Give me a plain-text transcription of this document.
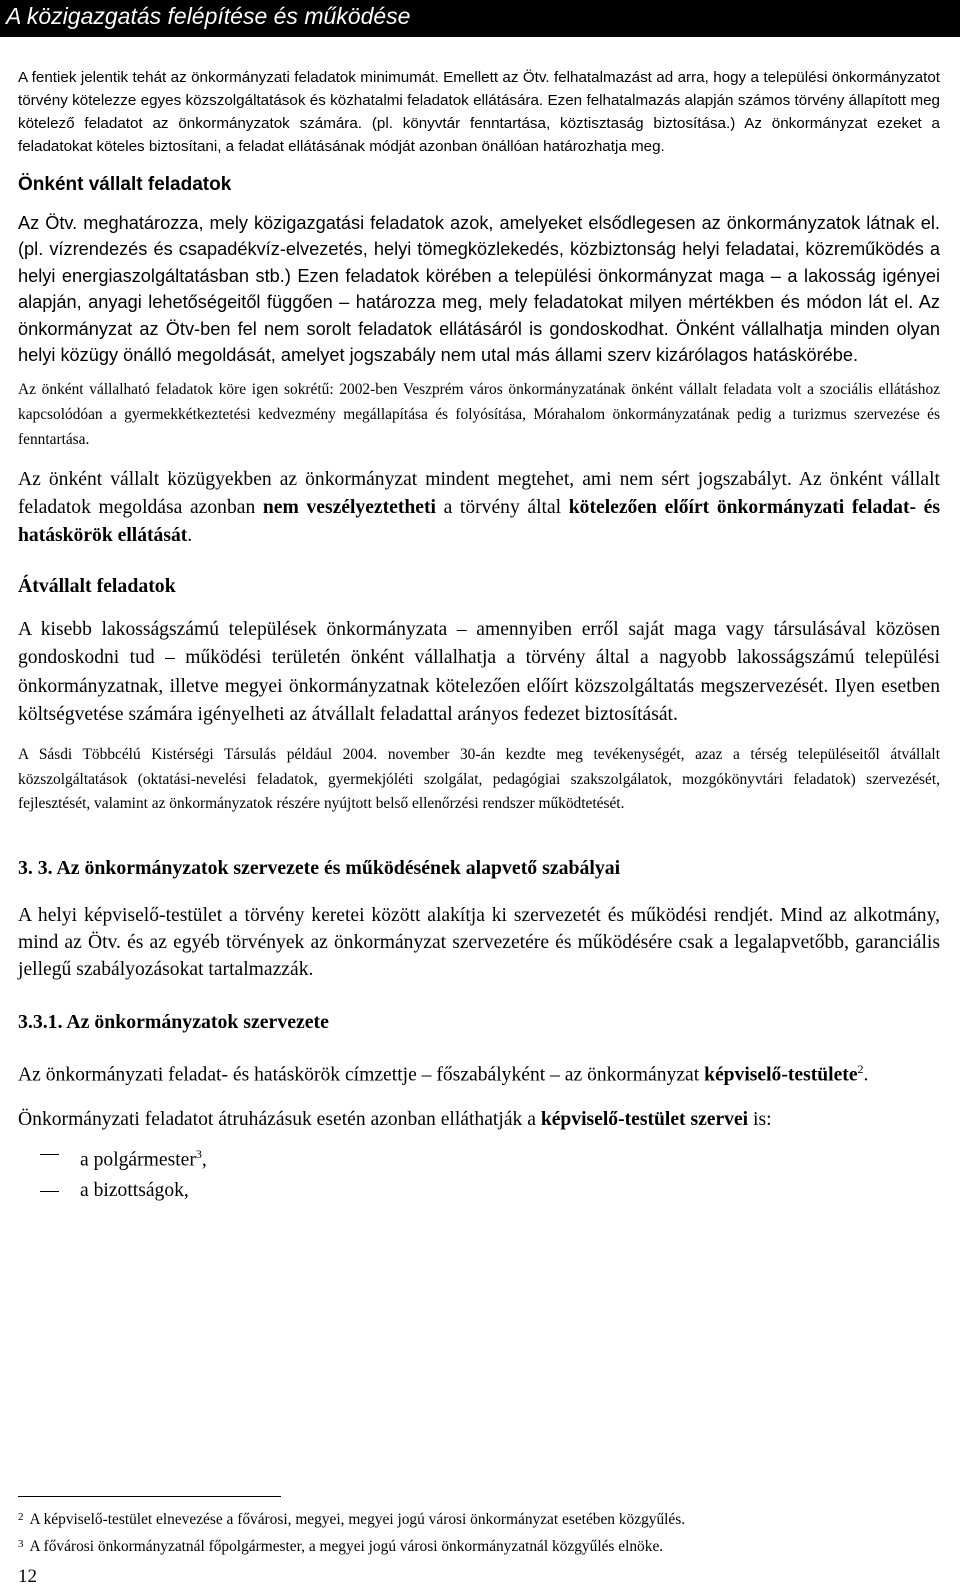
A közigazgatás felépítése és működése

A fentiek jelentik tehát az önkormányzati feladatok minimumát. Emellett az Ötv. felhatalmazást ad arra, hogy a települési önkormányzatot törvény kötelezze egyes közszolgáltatások és közhatalmi feladatok ellátására. Ezen felhatalmazás alapján számos törvény állapított meg kötelező feladatot az önkormányzatok számára. (pl. könyvtár fenntartása, köztisztaság biztosítása.) Az önkormányzat ezeket a feladatokat köteles biztosítani, a feladat ellátásának módját azonban önállóan határozhatja meg.

Önként vállalt feladatok

Az Ötv. meghatározza, mely közigazgatási feladatok azok, amelyeket elsődlegesen az önkormányzatok látnak el. (pl. vízrendezés és csapadékvíz-elvezetés, helyi tömegközlekedés, közbiztonság helyi feladatai, közreműködés a helyi energiaszolgáltatásban stb.) Ezen feladatok körében a települési önkormányzat maga – a lakosság igényei alapján, anyagi lehetőségeitől függően – határozza meg, mely feladatokat milyen mértékben és módon lát el. Az önkormányzat az Ötv-ben fel nem sorolt feladatok ellátásáról is gondoskodhat. Önként vállalhatja minden olyan helyi közügy önálló megoldását, amelyet jogszabály nem utal más állami szerv kizárólagos hatáskörébe.

Az önként vállalható feladatok köre igen sokrétű: 2002-ben Veszprém város önkormányzatának önként vállalt feladata volt a szociális ellátáshoz kapcsolódóan a gyermekkétkeztetési kedvezmény megállapítása és folyósítása, Mórahalom önkormányzatának pedig a turizmus szervezése és fenntartása.

Az önként vállalt közügyekben az önkormányzat mindent megtehet, ami nem sért jogszabályt. Az önként vállalt feladatok megoldása azonban nem veszélyeztetheti a törvény által kötelezően előírt önkormányzati feladat- és hatáskörök ellátását.

Átvállalt feladatok

A kisebb lakosságszámú települések önkormányzata – amennyiben erről saját maga vagy társulásával közösen gondoskodni tud – működési területén önként vállalhatja a törvény által a nagyobb lakosságszámú települési önkormányzatnak, illetve megyei önkormányzatnak kötelezően előírt közszolgáltatás megszervezését. Ilyen esetben költségvetése számára igényelheti az átvállalt feladattal arányos fedezet biztosítását.

A Sásdi Többcélú Kistérségi Társulás például 2004. november 30-án kezdte meg tevékenységét, azaz a térség településeitől átvállalt közszolgáltatások (oktatási-nevelési feladatok, gyermekjóléti szolgálat, pedagógiai szakszolgálatok, mozgókönyvtári feladatok) szervezését, fejlesztését, valamint az önkormányzatok részére nyújtott belső ellenőrzési rendszer működtetését.

3. 3. Az önkormányzatok szervezete és működésének alapvető szabályai

A helyi képviselő-testület a törvény keretei között alakítja ki szervezetét és működési rendjét. Mind az alkotmány, mind az Ötv. és az egyéb törvények az önkormányzat szervezetére és működésére csak a legalapvetőbb, garanciális jellegű szabályozásokat tartalmazzák.

3.3.1. Az önkormányzatok szervezete

Az önkormányzati feladat- és hatáskörök címzettje – főszabályként – az önkormányzat képviselő-testülete$^2$.

Önkormányzati feladatot átruházásuk esetén azonban elláthatják a képviselő-testület szervei is:

a polgármester$^3$,
a bizottságok,
$^2$ A képviselő-testület elnevezése a fővárosi, megyei, megyei jogú városi önkormányzat esetében közgyűlés.
$^3$ A fővárosi önkormányzatnál főpolgármester, a megyei jogú városi önkormányzatnál közgyűlés elnöke.
12
